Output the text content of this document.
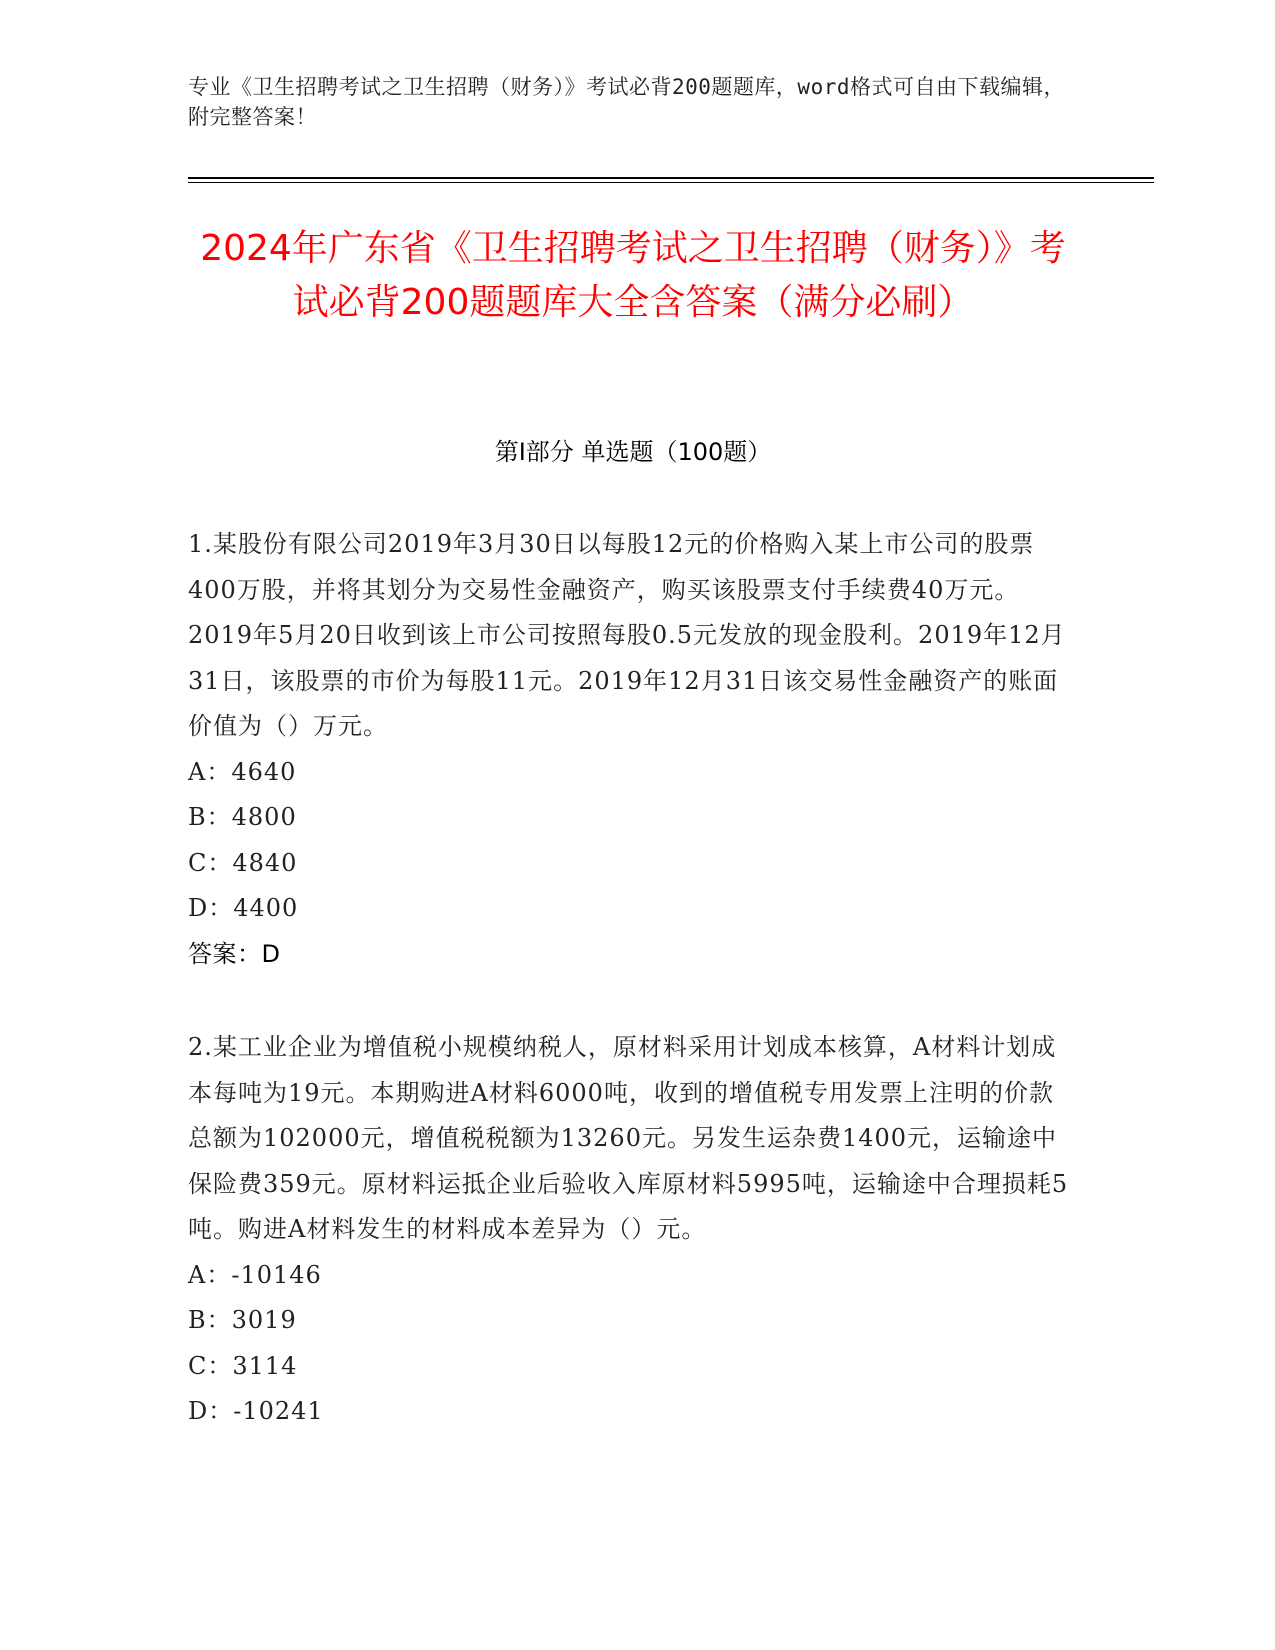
专业《卫生招聘考试之卫生招聘（财务）》考试必背200题题库，word格式可自由下载编辑，附完整答案！
2024年广东省《卫生招聘考试之卫生招聘（财务）》考试必背200题题库大全含答案（满分必刷）
第I部分 单选题（100题）

1.某股份有限公司2019年3月30日以每股12元的价格购入某上市公司的股票400万股，并将其划分为交易性金融资产，购买该股票支付手续费40万元。2019年5月20日收到该上市公司按照每股0.5元发放的现金股利。2019年12月31日，该股票的市价为每股11元。2019年12月31日该交易性金融资产的账面价值为（）万元。

A：4640

B：4800

C：4840

D：4400

答案：D

2.某工业企业为增值税小规模纳税人，原材料采用计划成本核算，A材料计划成本每吨为19元。本期购进A材料6000吨，收到的增值税专用发票上注明的价款总额为102000元，增值税税额为13260元。另发生运杂费1400元，运输途中保险费359元。原材料运抵企业后验收入库原材料5995吨，运输途中合理损耗5吨。购进A材料发生的材料成本差异为（）元。

A：-10146

B：3019

C：3114

D：-10241
